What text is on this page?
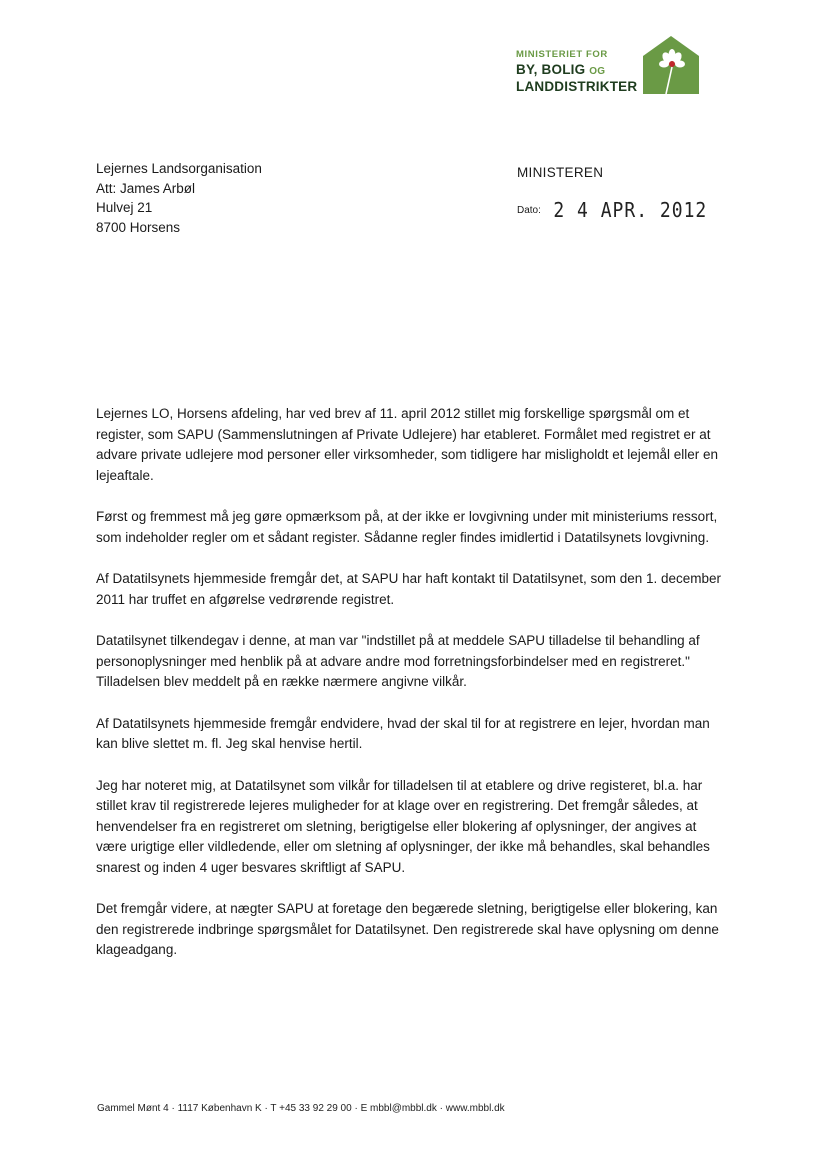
MINISTERIET FOR
BY, BOLIG OG
LANDDISTRIKTER
Lejernes Landsorganisation
Att: James Arbøl
Hulvej 21
8700 Horsens
MINISTEREN
Dato: 2 4 APR. 2012

Lejernes LO, Horsens afdeling, har ved brev af 11. april 2012 stillet mig forskellige spørgsmål om et register, som SAPU (Sammenslutningen af Private Udlejere) har etableret. Formålet med registret er at advare private udlejere mod personer eller virksomheder, som tidligere har misligholdt et lejemål eller en lejeaftale.

Først og fremmest må jeg gøre opmærksom på, at der ikke er lovgivning under mit ministeriums ressort, som indeholder regler om et sådant register. Sådanne regler findes imidlertid i Datatilsynets lovgivning.

Af Datatilsynets hjemmeside fremgår det, at SAPU har haft kontakt til Datatilsynet, som den 1. december 2011 har truffet en afgørelse vedrørende registret.

Datatilsynet tilkendegav i denne, at man var "indstillet på at meddele SAPU tilladelse til behandling af personoplysninger med henblik på at advare andre mod forretningsforbindelser med en registreret." Tilladelsen blev meddelt på en række nærmere angivne vilkår.

Af Datatilsynets hjemmeside fremgår endvidere, hvad der skal til for at registrere en lejer, hvordan man kan blive slettet m. fl. Jeg skal henvise hertil.

Jeg har noteret mig, at Datatilsynet som vilkår for tilladelsen til at etablere og drive registeret, bl.a. har stillet krav til registrerede lejeres muligheder for at klage over en registrering. Det fremgår således, at henvendelser fra en registreret om sletning, berigtigelse eller blokering af oplysninger, der angives at være urigtige eller vildledende, eller om sletning af oplysninger, der ikke må behandles, skal behandles snarest og inden 4 uger besvares skriftligt af SAPU.

Det fremgår videre, at nægter SAPU at foretage den begærede sletning, berigtigelse eller blokering, kan den registrerede indbringe spørgsmålet for Datatilsynet. Den registrerede skal have oplysning om denne klageadgang.

Gammel Mønt 4 · 1117 København K · T +45 33 92 29 00 · E mbbl@mbbl.dk · www.mbbl.dk
